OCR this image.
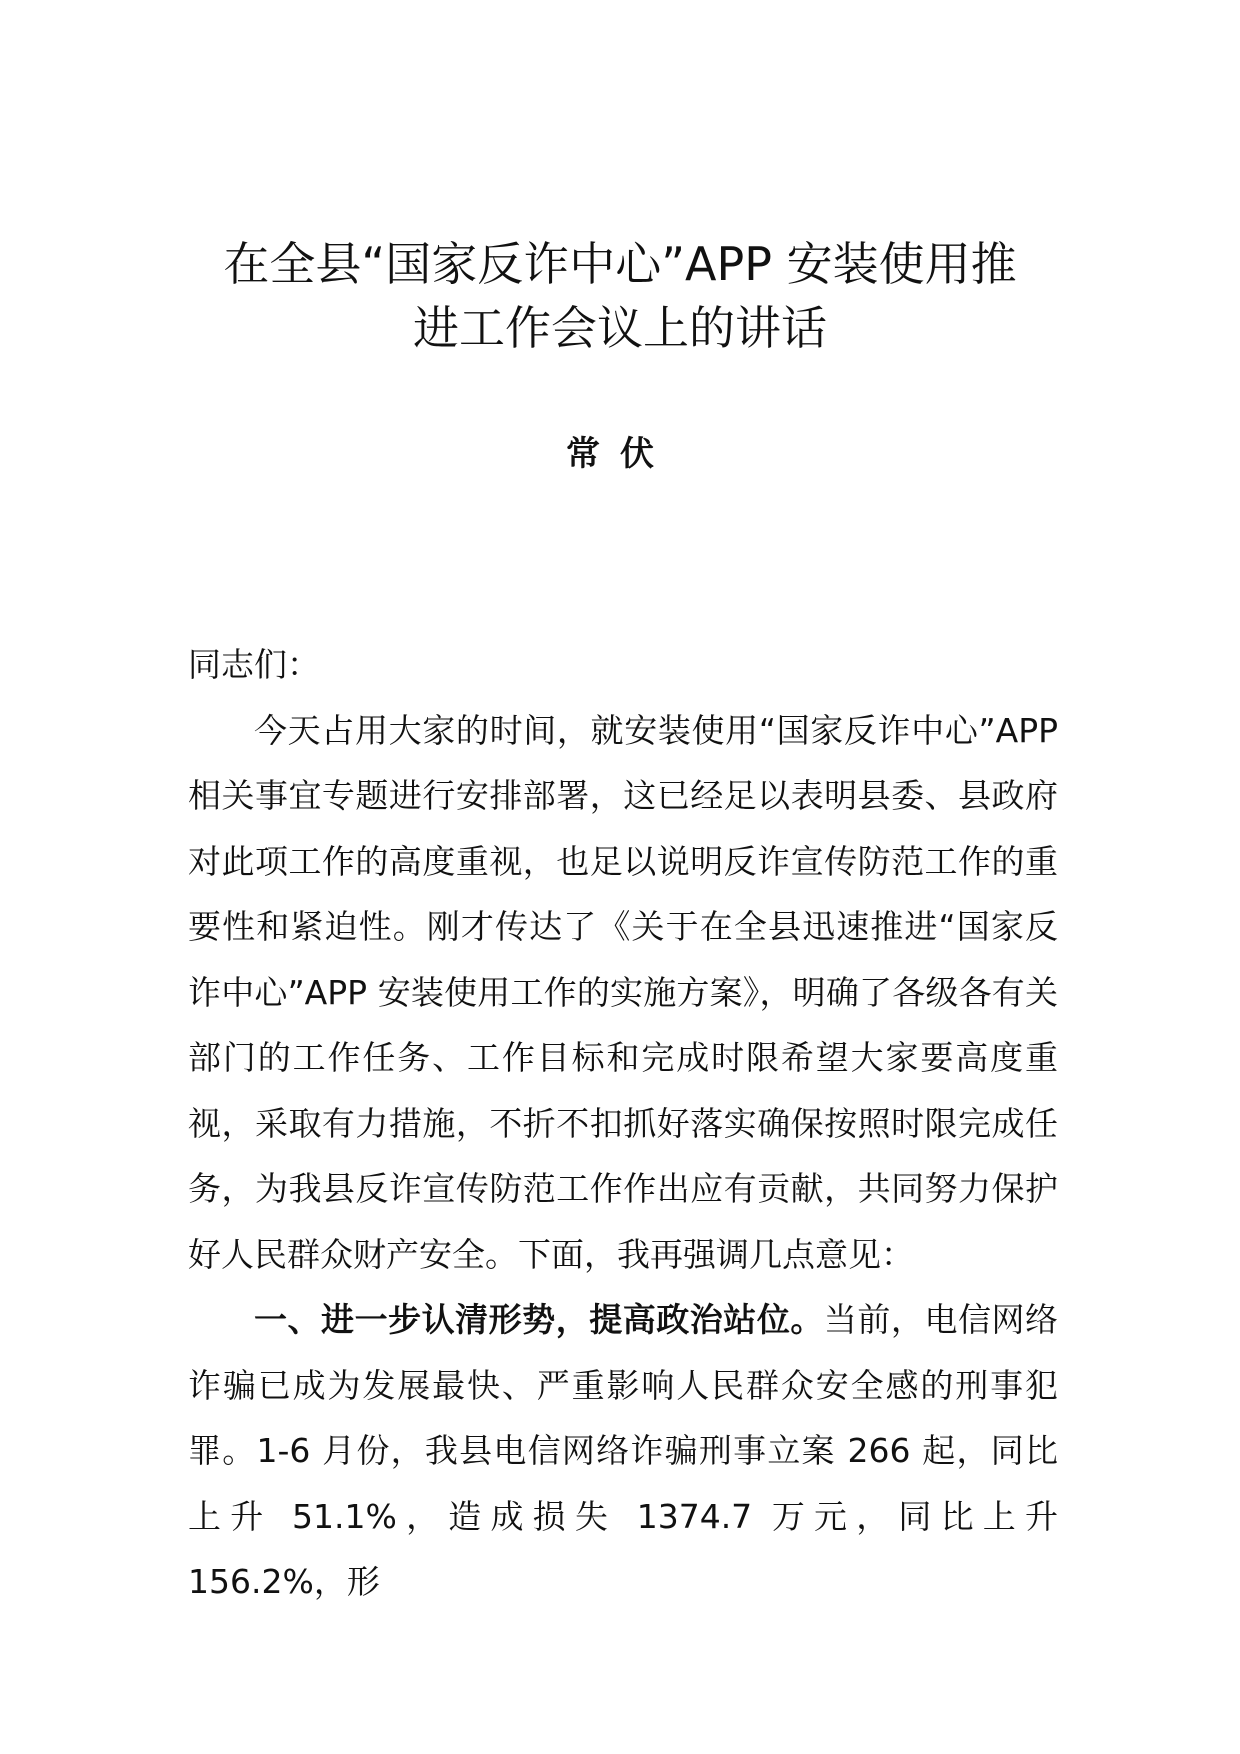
在全县“国家反诈中心”APP 安装使用推
进工作会议上的讲话
常伏

同志们：

今天占用大家的时间，就安装使用“国家反诈中心”APP 相关事宜专题进行安排部署，这已经足以表明县委、县政府对此项工作的高度重视，也足以说明反诈宣传防范工作的重要性和紧迫性。刚才传达了《关于在全县迅速推进“国家反诈中心”APP 安装使用工作的实施方案》，明确了各级各有关部门的工作任务、工作目标和完成时限希望大家要高度重视，采取有力措施，不折不扣抓好落实确保按照时限完成任务，为我县反诈宣传防范工作作出应有贡献，共同努力保护好人民群众财产安全。下面，我再强调几点意见：

一、进一步认清形势，提高政治站位。当前，电信网络诈骗已成为发展最快、严重影响人民群众安全感的刑事犯罪。1-6 月份，我县电信网络诈骗刑事立案 266 起，同比上升 51.1%，造成损失 1374.7 万元，同比上升 156.2%，形
